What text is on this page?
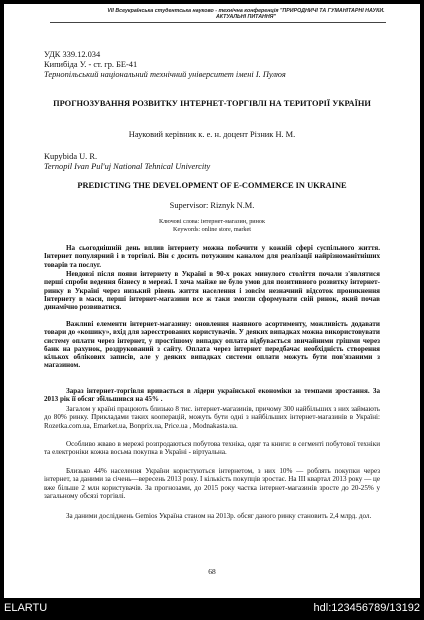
VII Всеукраїнська студентська науково - технічна конференція "ПРИРОДНИЧІ ТА ГУМАНІТАРНІ НАУКИ. АКТУАЛЬНІ ПИТАННЯ"
УДК 339.12.034
Кипибіда У. - ст. гр. БЕ-41
Тернопільський національний технічний університет імені І. Пулюя
ПРОГНОЗУВАННЯ РОЗВИТКУ ІНТЕРНЕТ-ТОРГІВЛІ НА ТЕРИТОРІЇ УКРАЇНИ
Науковий керівник к. е. н. доцент Різник Н. М.
Kupybida U. R.
Ternopil Ivan Pul'uj National Tehnical Univercity
PREDICTING THE DEVELOPMENT OF E-COMMERCE IN UKRAINE
Supervisor: Riznyk N.M.
Ключові слова: інтернет-магазин, ринок
Keywords: online store, market
На сьогоднішній день вплив інтернету можна побачити у кожній сфері суспільного життя. Інтернет популярний і в торгівлі. Він є досить потужним каналом для реалізації найрізноманітніших товарів та послуг.
Невдовзі після появи інтернету в Україні в 90-х роках минулого століття почали з'являтися перші спроби ведення бізнесу в мережі. І хоча майже не було умов для позитивного розвитку інтернет-ринку в Україні через низький рівень життя населення і зовсім незначний відсоток проникнення Інтернету в маси, перші інтернет-магазини все ж таки змогли сформувати свій ринок, який почав динамічно розвиватися.
Важливі елементи інтернет-магазину: оновлення наявного асортименту, можливість додавати товари до «кошику», вхід для зареєстрованих користувачів. У деяких випадках можна використовувати систему оплати через інтернет, у простішому випадку оплата відбувається звичайними грішми через банк на рахунок, роздрукований з сайту. Оплата через інтернет передбачає необхідність створення кількох облікових записів, але у деяких випадках системи оплати можуть бути пов'язаними з магазином.
Зараз інтернет-торгівля вривається в лідери української економіки за темпами зростання. За 2013 рік її обсяг збільшився на 45% .
Загалом у країні працюють близько 8 тис. інтернет-магазинів, причому 300 найбільших з них займають до 80% ринку. Прикладами таких кооперацій, можуть бути одні з найбільших інтернет-магазинів в Україні: Rozetka.com.ua, Emarket.ua, Bonprix.ua, Price.ua , Modnakasta.ua.
Особливо жваво в мережі розпродаються побутова техніка, одяг та книги: в сегменті побутової техніки та електроніки кожна восьма покупка в Україні - віртуальна.
Близько 44% населення України користуються інтернетом, з них 10% — роблять покупки через інтернет, за даними за січень—вересень 2013 року. І кількість покупців зростає. На III квартал 2013 року — це вже більше 2 млн користувачів. За прогнозами, до 2015 року частка інтернет-магазинів зросте до 20-25% у загальному обсязі торгівлі.
За даними досліджень Gemios Україна станом на 2013р. обсяг даного ринку становить 2,4 млрд. дол.
68
ELARTU	hdl:123456789/13192
